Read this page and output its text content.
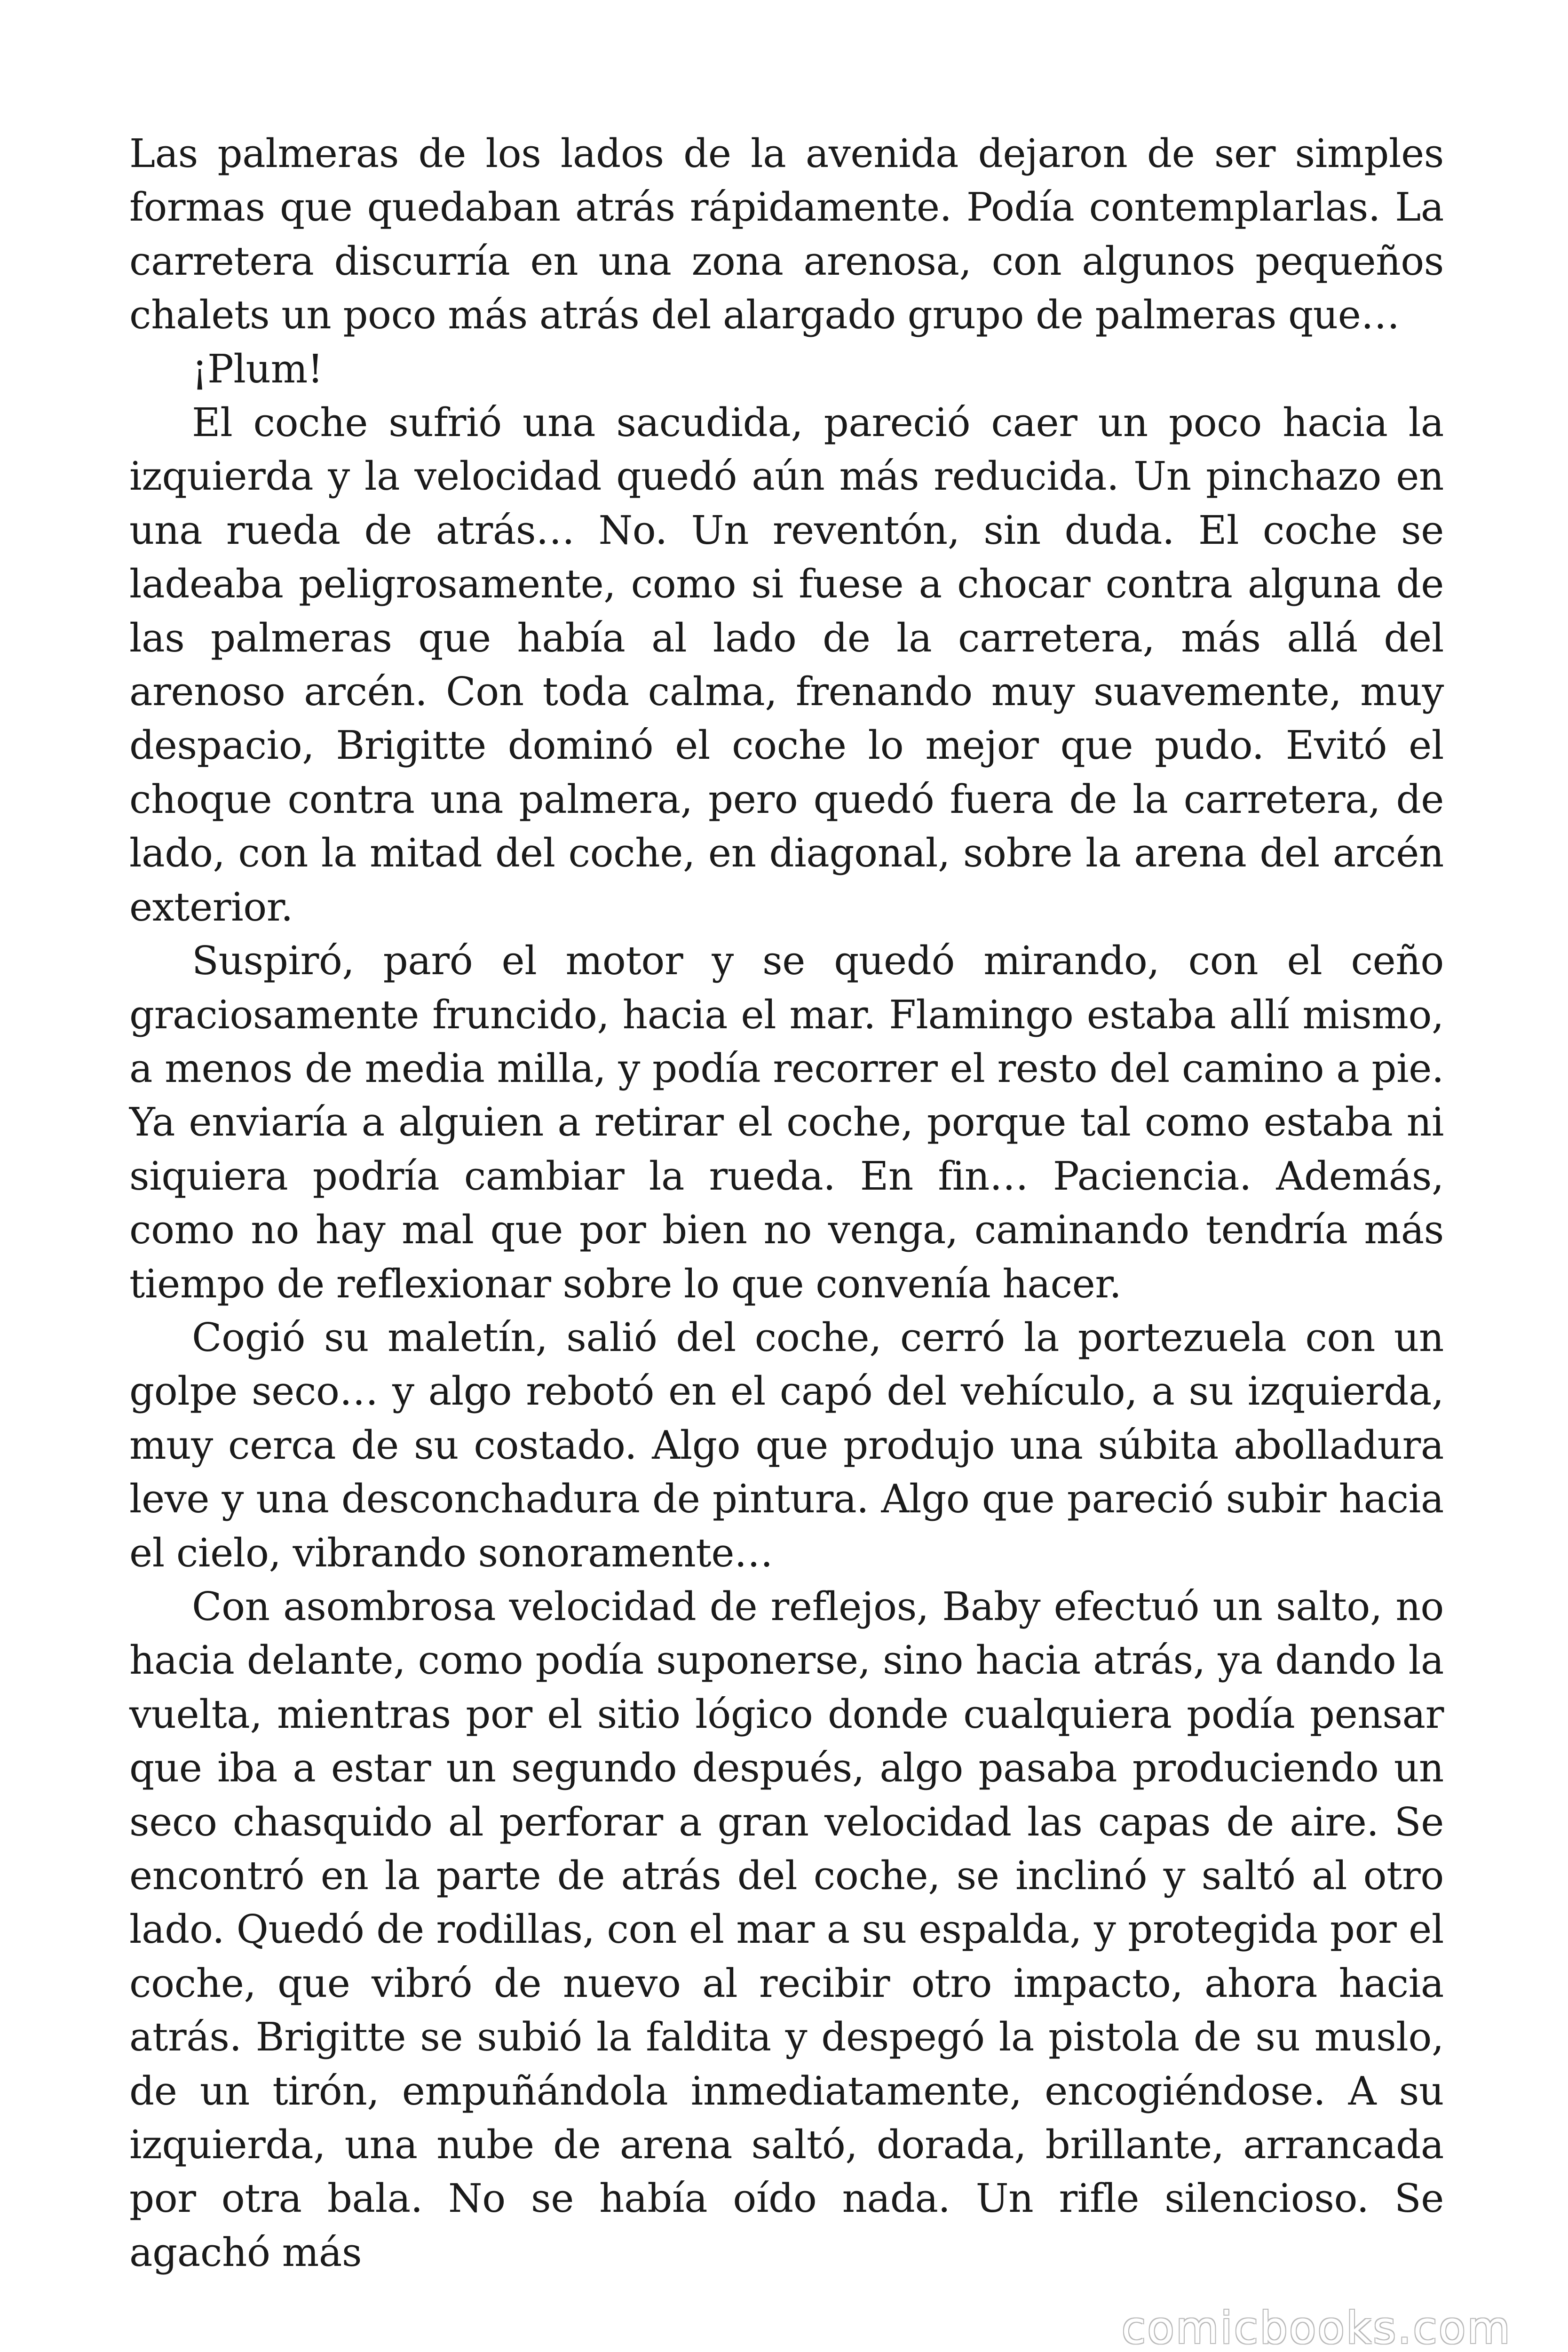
Las palmeras de los lados de la avenida dejaron de ser simples formas que quedaban atrás rápidamente. Podía contemplarlas. La carretera discurría en una zona arenosa, con algunos pequeños chalets un poco más atrás del alargado grupo de palmeras que…

¡Plum!

El coche sufrió una sacudida, pareció caer un poco hacia la izquierda y la velocidad quedó aún más reducida. Un pinchazo en una rueda de atrás… No. Un reventón, sin duda. El coche se ladeaba peligrosamente, como si fuese a chocar contra alguna de las palmeras que había al lado de la carretera, más allá del arenoso arcén. Con toda calma, frenando muy suavemente, muy despacio, Brigitte dominó el coche lo mejor que pudo. Evitó el choque contra una palmera, pero quedó fuera de la carretera, de lado, con la mitad del coche, en diagonal, sobre la arena del arcén exterior.

Suspiró, paró el motor y se quedó mirando, con el ceño graciosamente fruncido, hacia el mar. Flamingo estaba allí mismo, a menos de media milla, y podía recorrer el resto del camino a pie. Ya enviaría a alguien a retirar el coche, porque tal como estaba ni siquiera podría cambiar la rueda. En fin… Paciencia. Además, como no hay mal que por bien no venga, caminando tendría más tiempo de reflexionar sobre lo que convenía hacer.

Cogió su maletín, salió del coche, cerró la portezuela con un golpe seco… y algo rebotó en el capó del vehículo, a su izquierda, muy cerca de su costado. Algo que produjo una súbita abolladura leve y una desconchadura de pintura. Algo que pareció subir hacia el cielo, vibrando sonoramente…

Con asombrosa velocidad de reflejos, Baby efectuó un salto, no hacia delante, como podía suponerse, sino hacia atrás, ya dando la vuelta, mientras por el sitio lógico donde cualquiera podía pensar que iba a estar un segundo después, algo pasaba produciendo un seco chasquido al perforar a gran velocidad las capas de aire. Se encontró en la parte de atrás del coche, se inclinó y saltó al otro lado. Quedó de rodillas, con el mar a su espalda, y protegida por el coche, que vibró de nuevo al recibir otro impacto, ahora hacia atrás. Brigitte se subió la faldita y despegó la pistola de su muslo, de un tirón, empuñándola inmediatamente, encogiéndose. A su izquierda, una nube de arena saltó, dorada, brillante, arrancada por otra bala. No se había oído nada. Un rifle silencioso. Se agachó más

comicbooks.com
